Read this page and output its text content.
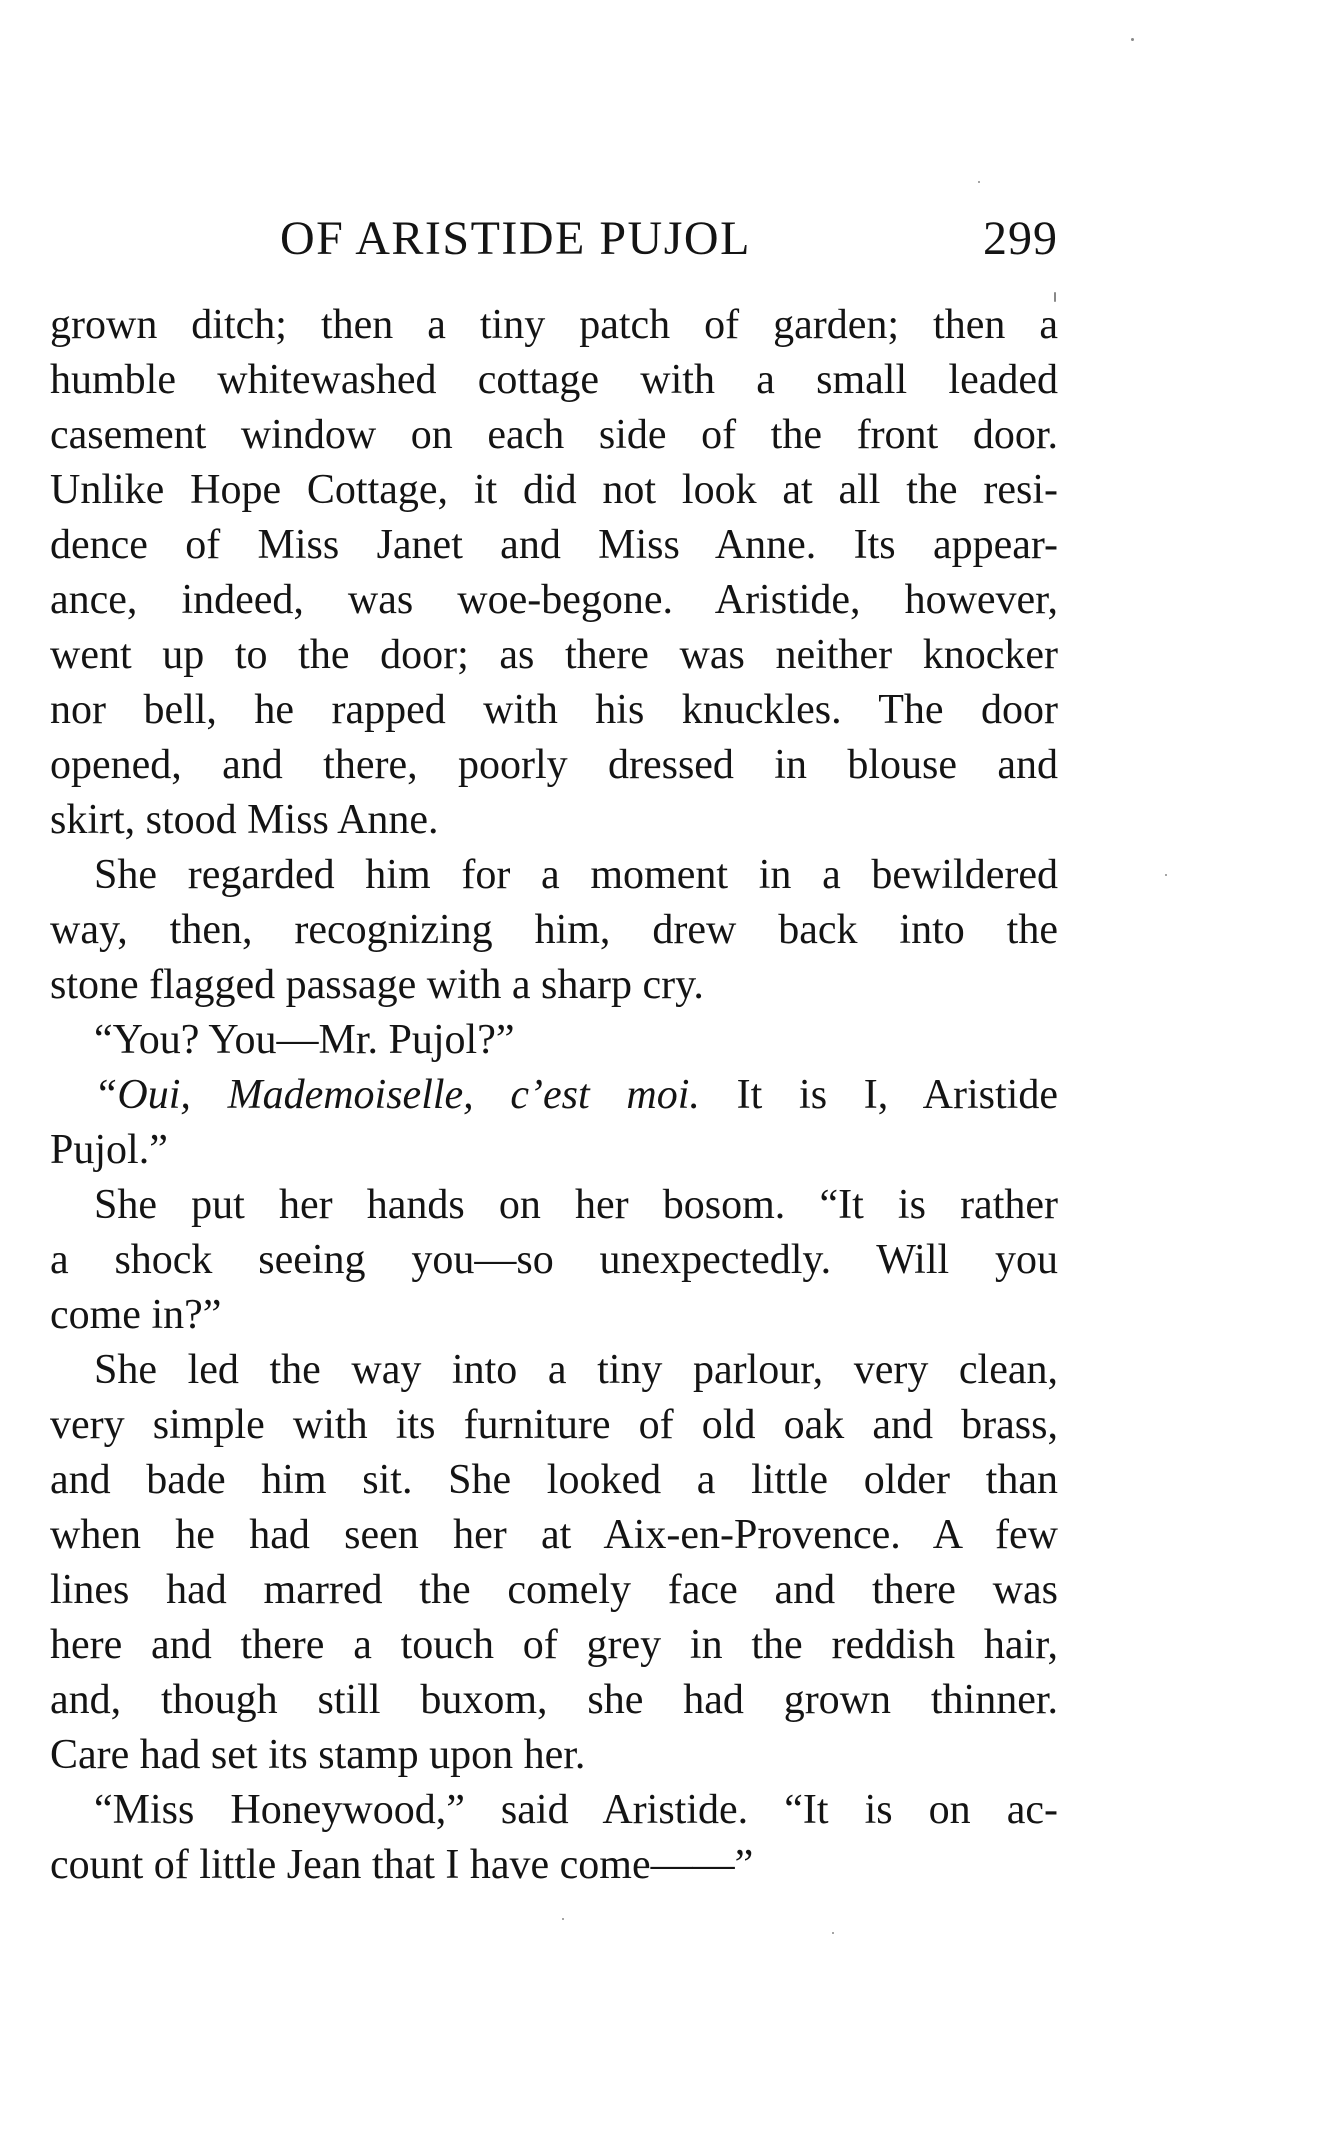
OF ARISTIDE PUJOL	299
grown ditch; then a tiny patch of garden; then a
humble whitewashed cottage with a small leaded
casement window on each side of the front door.
Unlike Hope Cottage, it did not look at all the resi-
dence of Miss Janet and Miss Anne. Its appear-
ance, indeed, was woe-begone. Aristide, however,
went up to the door; as there was neither knocker
nor bell, he rapped with his knuckles. The door
opened, and there, poorly dressed in blouse and
skirt, stood Miss Anne.
She regarded him for a moment in a bewildered
way, then, recognizing him, drew back into the
stone flagged passage with a sharp cry.
“You? You—Mr. Pujol?”
“Oui, Mademoiselle, c’est moi. It is I, Aristide
Pujol.”
She put her hands on her bosom. “It is rather
a shock seeing you—so unexpectedly. Will you
come in?”
She led the way into a tiny parlour, very clean,
very simple with its furniture of old oak and brass,
and bade him sit. She looked a little older than
when he had seen her at Aix-en-Provence. A few
lines had marred the comely face and there was
here and there a touch of grey in the reddish hair,
and, though still buxom, she had grown thinner.
Care had set its stamp upon her.
“Miss Honeywood,” said Aristide. “It is on ac-
count of little Jean that I have come——”
